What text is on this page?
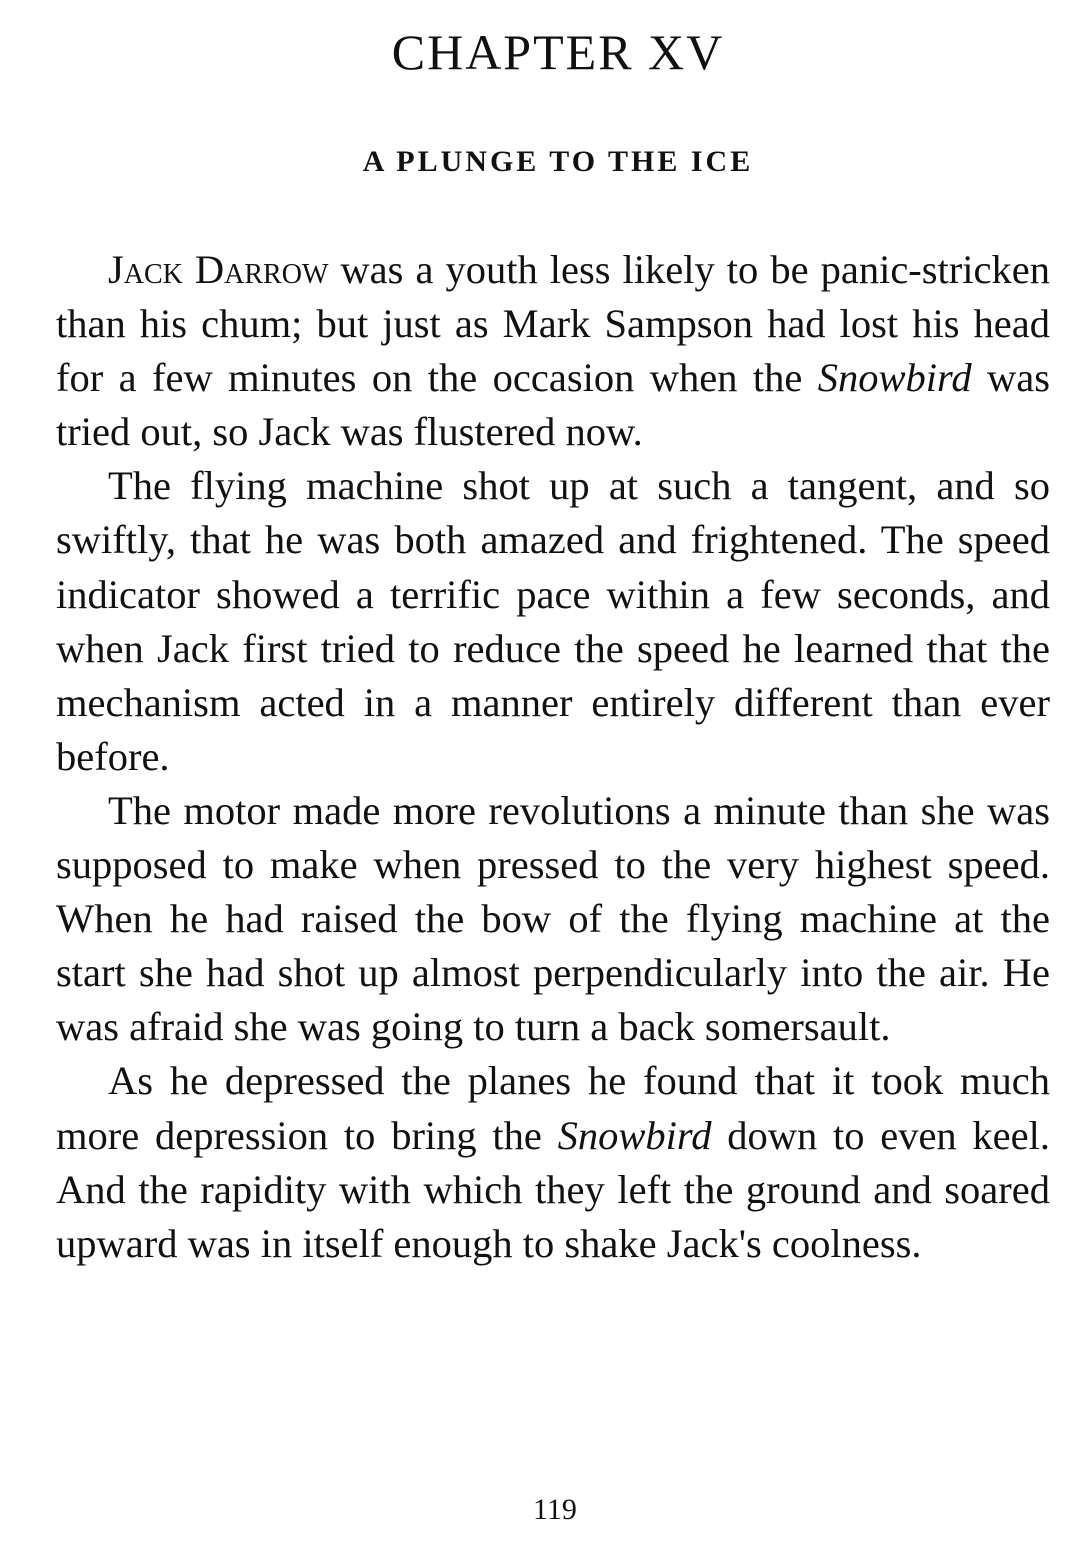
CHAPTER XV
A PLUNGE TO THE ICE

Jack Darrow was a youth less likely to be panic-stricken than his chum; but just as Mark Sampson had lost his head for a few minutes on the occasion when the Snowbird was tried out, so Jack was flustered now.

The flying machine shot up at such a tangent, and so swiftly, that he was both amazed and frightened. The speed indicator showed a terrific pace within a few seconds, and when Jack first tried to reduce the speed he learned that the mechanism acted in a manner entirely different than ever before.

The motor made more revolutions a minute than she was supposed to make when pressed to the very highest speed. When he had raised the bow of the flying machine at the start she had shot up almost perpendicularly into the air. He was afraid she was going to turn a back somersault.

As he depressed the planes he found that it took much more depression to bring the Snowbird down to even keel. And the rapidity with which they left the ground and soared upward was in itself enough to shake Jack's coolness.

119
